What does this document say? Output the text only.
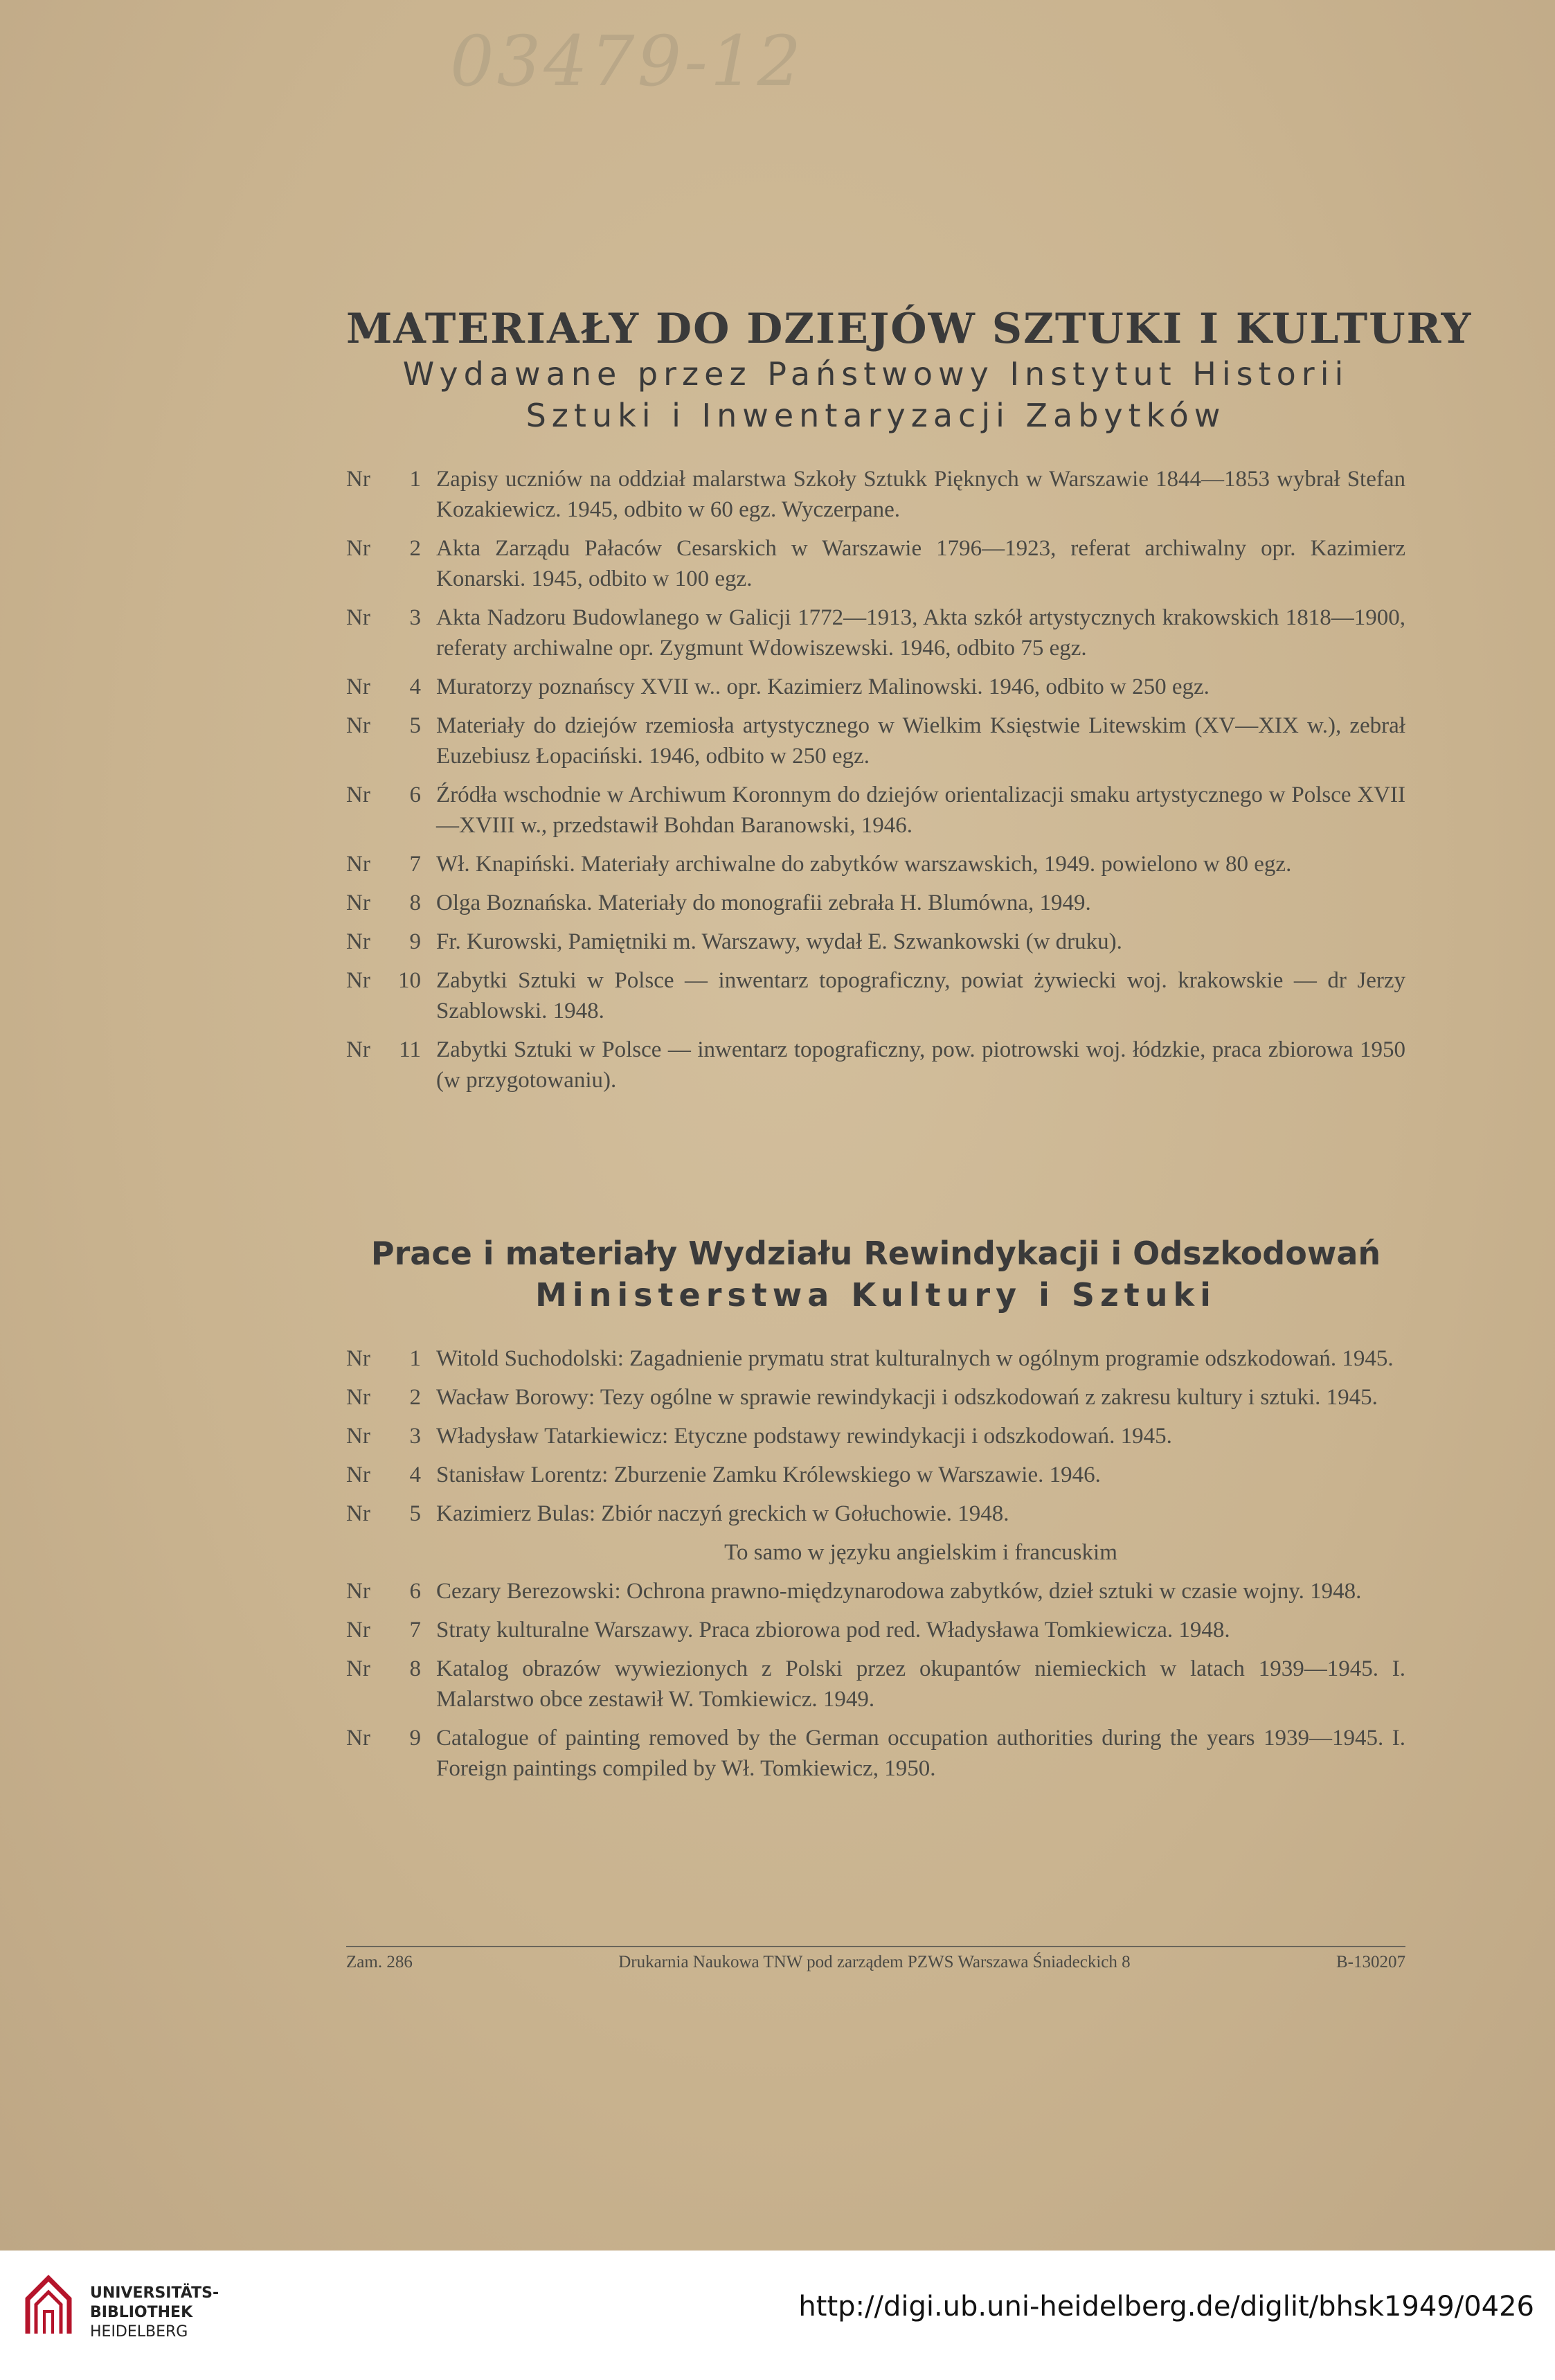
03479-12
MATERIAŁY DO DZIEJÓW SZTUKI I KULTURY

Wydawane przez Państwowy Instytut Historii

Sztuki i Inwentaryzacji Zabytków

Nr 1 Zapisy uczniów na oddział malarstwa Szkoły Sztukk Pięknych w Warszawie 1844—1853 wybrał Stefan Kozakiewicz. 1945, odbito w 60 egz. Wyczerpane.
Nr 2 Akta Zarządu Pałaców Cesarskich w Warszawie 1796—1923, referat archiwalny opr. Kazimierz Konarski. 1945, odbito w 100 egz.
Nr 3 Akta Nadzoru Budowlanego w Galicji 1772—1913, Akta szkół artystycznych krakowskich 1818—1900, referaty archiwalne opr. Zygmunt Wdowiszewski. 1946, odbito 75 egz.
Nr 4 Muratorzy poznańscy XVII w.. opr. Kazimierz Malinowski. 1946, odbito w 250 egz.
Nr 5 Materiały do dziejów rzemiosła artystycznego w Wielkim Księstwie Litewskim (XV—XIX w.), zebrał Euzebiusz Łopaciński. 1946, odbito w 250 egz.
Nr 6 Źródła wschodnie w Archiwum Koronnym do dziejów orientalizacji smaku artystycznego w Polsce XVII—XVIII w., przedstawił Bohdan Baranowski, 1946.
Nr 7 Wł. Knapiński. Materiały archiwalne do zabytków warszawskich, 1949. powielono w 80 egz.
Nr 8 Olga Boznańska. Materiały do monografii zebrała H. Blumówna, 1949.
Nr 9 Fr. Kurowski, Pamiętniki m. Warszawy, wydał E. Szwankowski (w druku).
Nr 10 Zabytki Sztuki w Polsce — inwentarz topograficzny, powiat żywiecki woj. krakowskie — dr Jerzy Szablowski. 1948.
Nr 11 Zabytki Sztuki w Polsce — inwentarz topograficzny, pow. piotrowski woj. łódzkie, praca zbiorowa 1950 (w przygotowaniu).

Prace i materiały Wydziału Rewindykacji i Odszkodowań

Ministerstwa Kultury i Sztuki

Nr 1 Witold Suchodolski: Zagadnienie prymatu strat kulturalnych w ogólnym programie odszkodowań. 1945.
Nr 2 Wacław Borowy: Tezy ogólne w sprawie rewindykacji i odszkodowań z zakresu kultury i sztuki. 1945.
Nr 3 Władysław Tatarkiewicz: Etyczne podstawy rewindykacji i odszkodowań. 1945.
Nr 4 Stanisław Lorentz: Zburzenie Zamku Królewskiego w Warszawie. 1946.
Nr 5 Kazimierz Bulas: Zbiór naczyń greckich w Gołuchowie. 1948.

To samo w języku angielskim i francuskim

Nr 6 Cezary Berezowski: Ochrona prawno-międzynarodowa zabytków, dzieł sztuki w czasie wojny. 1948.
Nr 7 Straty kulturalne Warszawy. Praca zbiorowa pod red. Władysława Tomkiewicza. 1948.
Nr 8 Katalog obrazów wywiezionych z Polski przez okupantów niemieckich w latach 1939—1945. I. Malarstwo obce zestawił W. Tomkiewicz. 1949.
Nr 9 Catalogue of painting removed by the German occupation authorities during the years 1939—1945. I. Foreign paintings compiled by Wł. Tomkiewicz, 1950.
Zam. 286	Drukarnia Naukowa TNW pod zarządem PZWS Warszawa Śniadeckich 8	B-130207
UNIVERSITÄTS-
BIBLIOTHEK
HEIDELBERG
http://digi.ub.uni-heidelberg.de/diglit/bhsk1949/0426
